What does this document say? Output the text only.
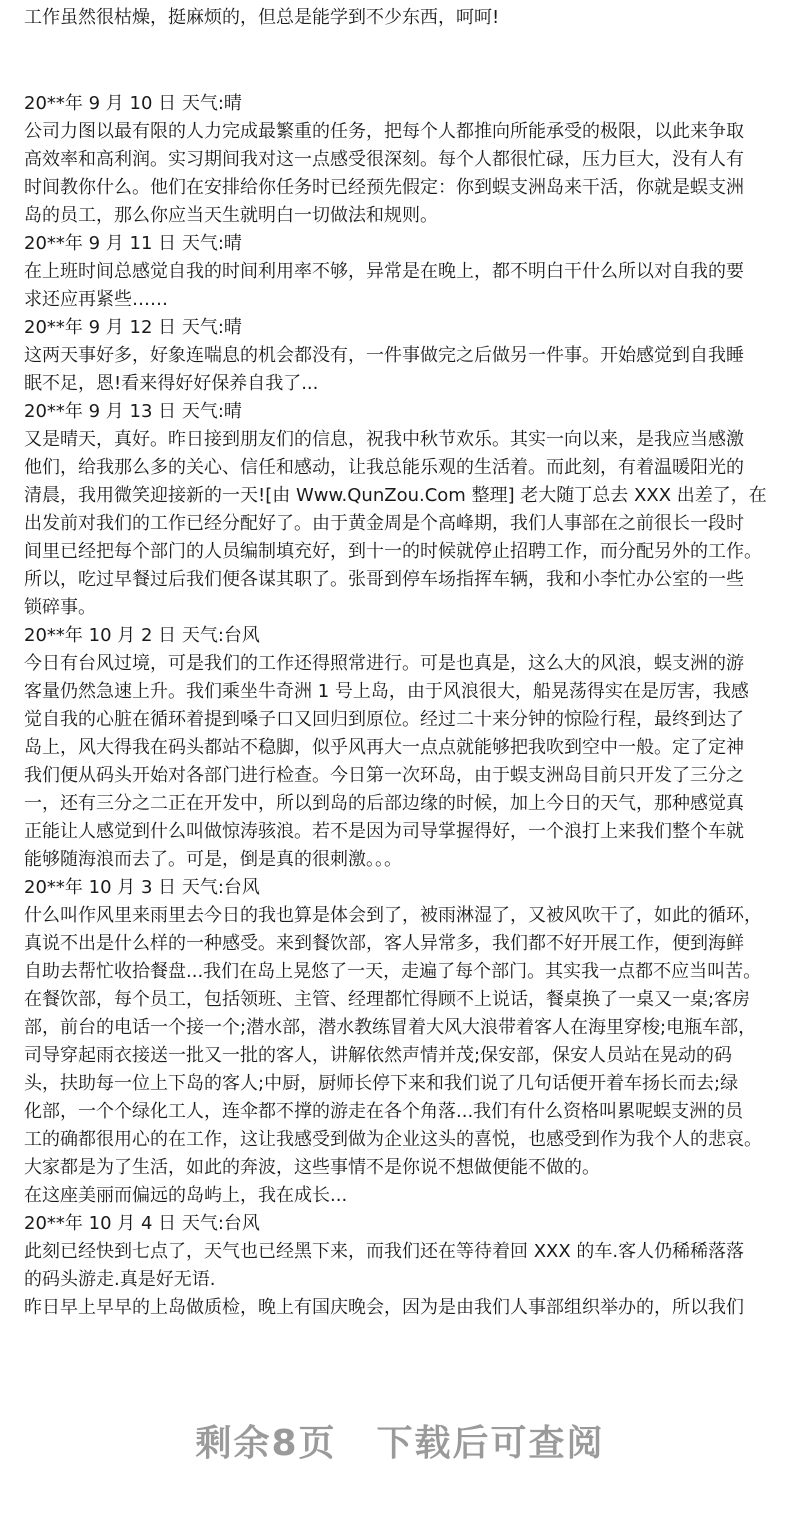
工作虽然很枯燥，挺麻烦的，但总是能学到不少东西，呵呵!
20**年 9 月 10 日 天气:晴
公司力图以最有限的人力完成最繁重的任务，把每个人都推向所能承受的极限，以此来争取
高效率和高利润。实习期间我对这一点感受很深刻。每个人都很忙碌，压力巨大，没有人有
时间教你什么。他们在安排给你任务时已经预先假定：你到蜈支洲岛来干活，你就是蜈支洲
岛的员工，那么你应当天生就明白一切做法和规则。
20**年 9 月 11 日 天气:晴
在上班时间总感觉自我的时间利用率不够，异常是在晚上，都不明白干什么所以对自我的要
求还应再紧些……
20**年 9 月 12 日 天气:晴
这两天事好多，好象连喘息的机会都没有，一件事做完之后做另一件事。开始感觉到自我睡
眠不足，恩!看来得好好保养自我了...
20**年 9 月 13 日 天气:晴
又是晴天，真好。昨日接到朋友们的信息，祝我中秋节欢乐。其实一向以来，是我应当感激
他们，给我那么多的关心、信任和感动，让我总能乐观的生活着。而此刻，有着温暖阳光的
清晨，我用微笑迎接新的一天![由 Www.QunZou.Com 整理] 老大随丁总去 XXX 出差了，在
出发前对我们的工作已经分配好了。由于黄金周是个高峰期，我们人事部在之前很长一段时
间里已经把每个部门的人员编制填充好，到十一的时候就停止招聘工作，而分配另外的工作。
所以，吃过早餐过后我们便各谋其职了。张哥到停车场指挥车辆，我和小李忙办公室的一些
锁碎事。
20**年 10 月 2 日 天气:台风
今日有台风过境，可是我们的工作还得照常进行。可是也真是，这么大的风浪，蜈支洲的游
客量仍然急速上升。我们乘坐牛奇洲 1 号上岛，由于风浪很大，船晃荡得实在是厉害，我感
觉自我的心脏在循环着提到嗓子口又回归到原位。经过二十来分钟的惊险行程，最终到达了
岛上，风大得我在码头都站不稳脚，似乎风再大一点点就能够把我吹到空中一般。定了定神
我们便从码头开始对各部门进行检查。今日第一次环岛，由于蜈支洲岛目前只开发了三分之
一，还有三分之二正在开发中，所以到岛的后部边缘的时候，加上今日的天气，那种感觉真
正能让人感觉到什么叫做惊涛骇浪。若不是因为司导掌握得好，一个浪打上来我们整个车就
能够随海浪而去了。可是，倒是真的很刺激。。。
20**年 10 月 3 日 天气:台风
什么叫作风里来雨里去今日的我也算是体会到了，被雨淋湿了，又被风吹干了，如此的循环，
真说不出是什么样的一种感受。来到餐饮部，客人异常多，我们都不好开展工作，便到海鲜
自助去帮忙收拾餐盘...我们在岛上晃悠了一天，走遍了每个部门。其实我一点都不应当叫苦。
在餐饮部，每个员工，包括领班、主管、经理都忙得顾不上说话，餐桌换了一桌又一桌;客房
部，前台的电话一个接一个;潜水部，潜水教练冒着大风大浪带着客人在海里穿梭;电瓶车部，
司导穿起雨衣接送一批又一批的客人，讲解依然声情并茂;保安部，保安人员站在晃动的码
头，扶助每一位上下岛的客人;中厨，厨师长停下来和我们说了几句话便开着车扬长而去;绿
化部，一个个绿化工人，连伞都不撑的游走在各个角落...我们有什么资格叫累呢蜈支洲的员
工的确都很用心的在工作，这让我感受到做为企业这头的喜悦，也感受到作为我个人的悲哀。
大家都是为了生活，如此的奔波，这些事情不是你说不想做便能不做的。
在这座美丽而偏远的岛屿上，我在成长...
20**年 10 月 4 日 天气:台风
此刻已经快到七点了，天气也已经黑下来，而我们还在等待着回 XXX 的车.客人仍稀稀落落
的码头游走.真是好无语.
昨日早上早早的上岛做质检，晚上有国庆晚会，因为是由我们人事部组织举办的，所以我们
剩余8页 下载后可查阅
